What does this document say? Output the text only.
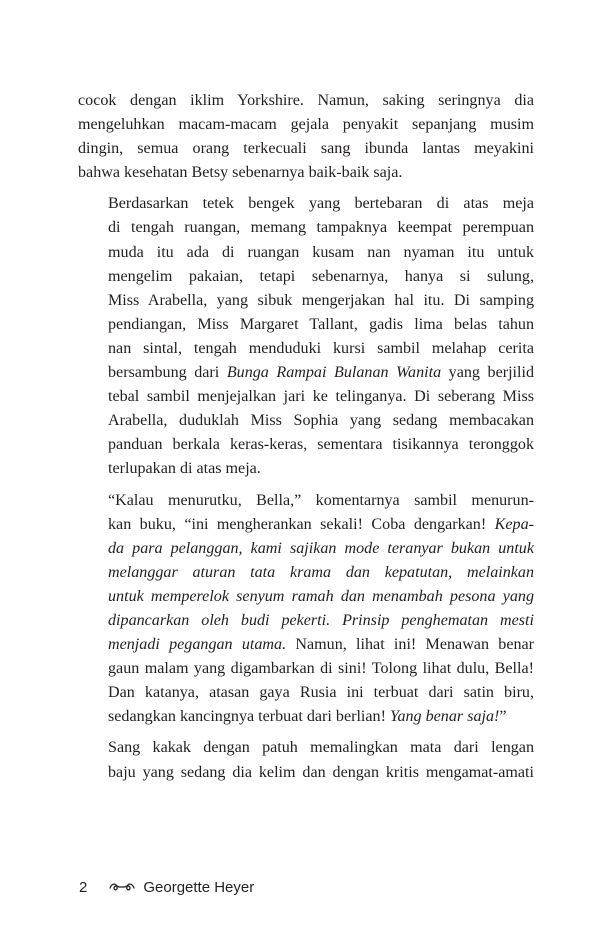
cocok dengan iklim Yorkshire. Namun, saking seringnya dia
mengeluhkan macam-macam gejala penyakit sepanjang musim
dingin, semua orang terkecuali sang ibunda lantas meyakini
bahwa kesehatan Betsy sebenarnya baik-baik saja.

Berdasarkan tetek bengek yang bertebaran di atas meja
di tengah ruangan, memang tampaknya keempat perempuan
muda itu ada di ruangan kusam nan nyaman itu untuk
mengelim pakaian, tetapi sebenarnya, hanya si sulung,
Miss Arabella, yang sibuk mengerjakan hal itu. Di samping
pendiangan, Miss Margaret Tallant, gadis lima belas tahun
nan sintal, tengah menduduki kursi sambil melahap cerita
bersambung dari Bunga Rampai Bulanan Wanita yang berjilid
tebal sambil menjejalkan jari ke telinganya. Di seberang Miss
Arabella, duduklah Miss Sophia yang sedang membacakan
panduan berkala keras-keras, sementara tisikannya teronggok
terlupakan di atas meja.

“Kalau menurutku, Bella,” komentarnya sambil menurun-
kan buku, “ini mengherankan sekali! Coba dengarkan! Kepa-
da para pelanggan, kami sajikan mode teranyar bukan untuk
melanggar aturan tata krama dan kepatutan, melainkan
untuk memperelok senyum ramah dan menambah pesona yang
dipancarkan oleh budi pekerti. Prinsip penghematan mesti
menjadi pegangan utama. Namun, lihat ini! Menawan benar
gaun malam yang digambarkan di sini! Tolong lihat dulu, Bella!
Dan katanya, atasan gaya Rusia ini terbuat dari satin biru,
sedangkan kancingnya terbuat dari berlian! Yang benar saja!”

Sang kakak dengan patuh memalingkan mata dari lengan
baju yang sedang dia kelim dan dengan kritis mengamat-amati

2	Georgette Heyer
